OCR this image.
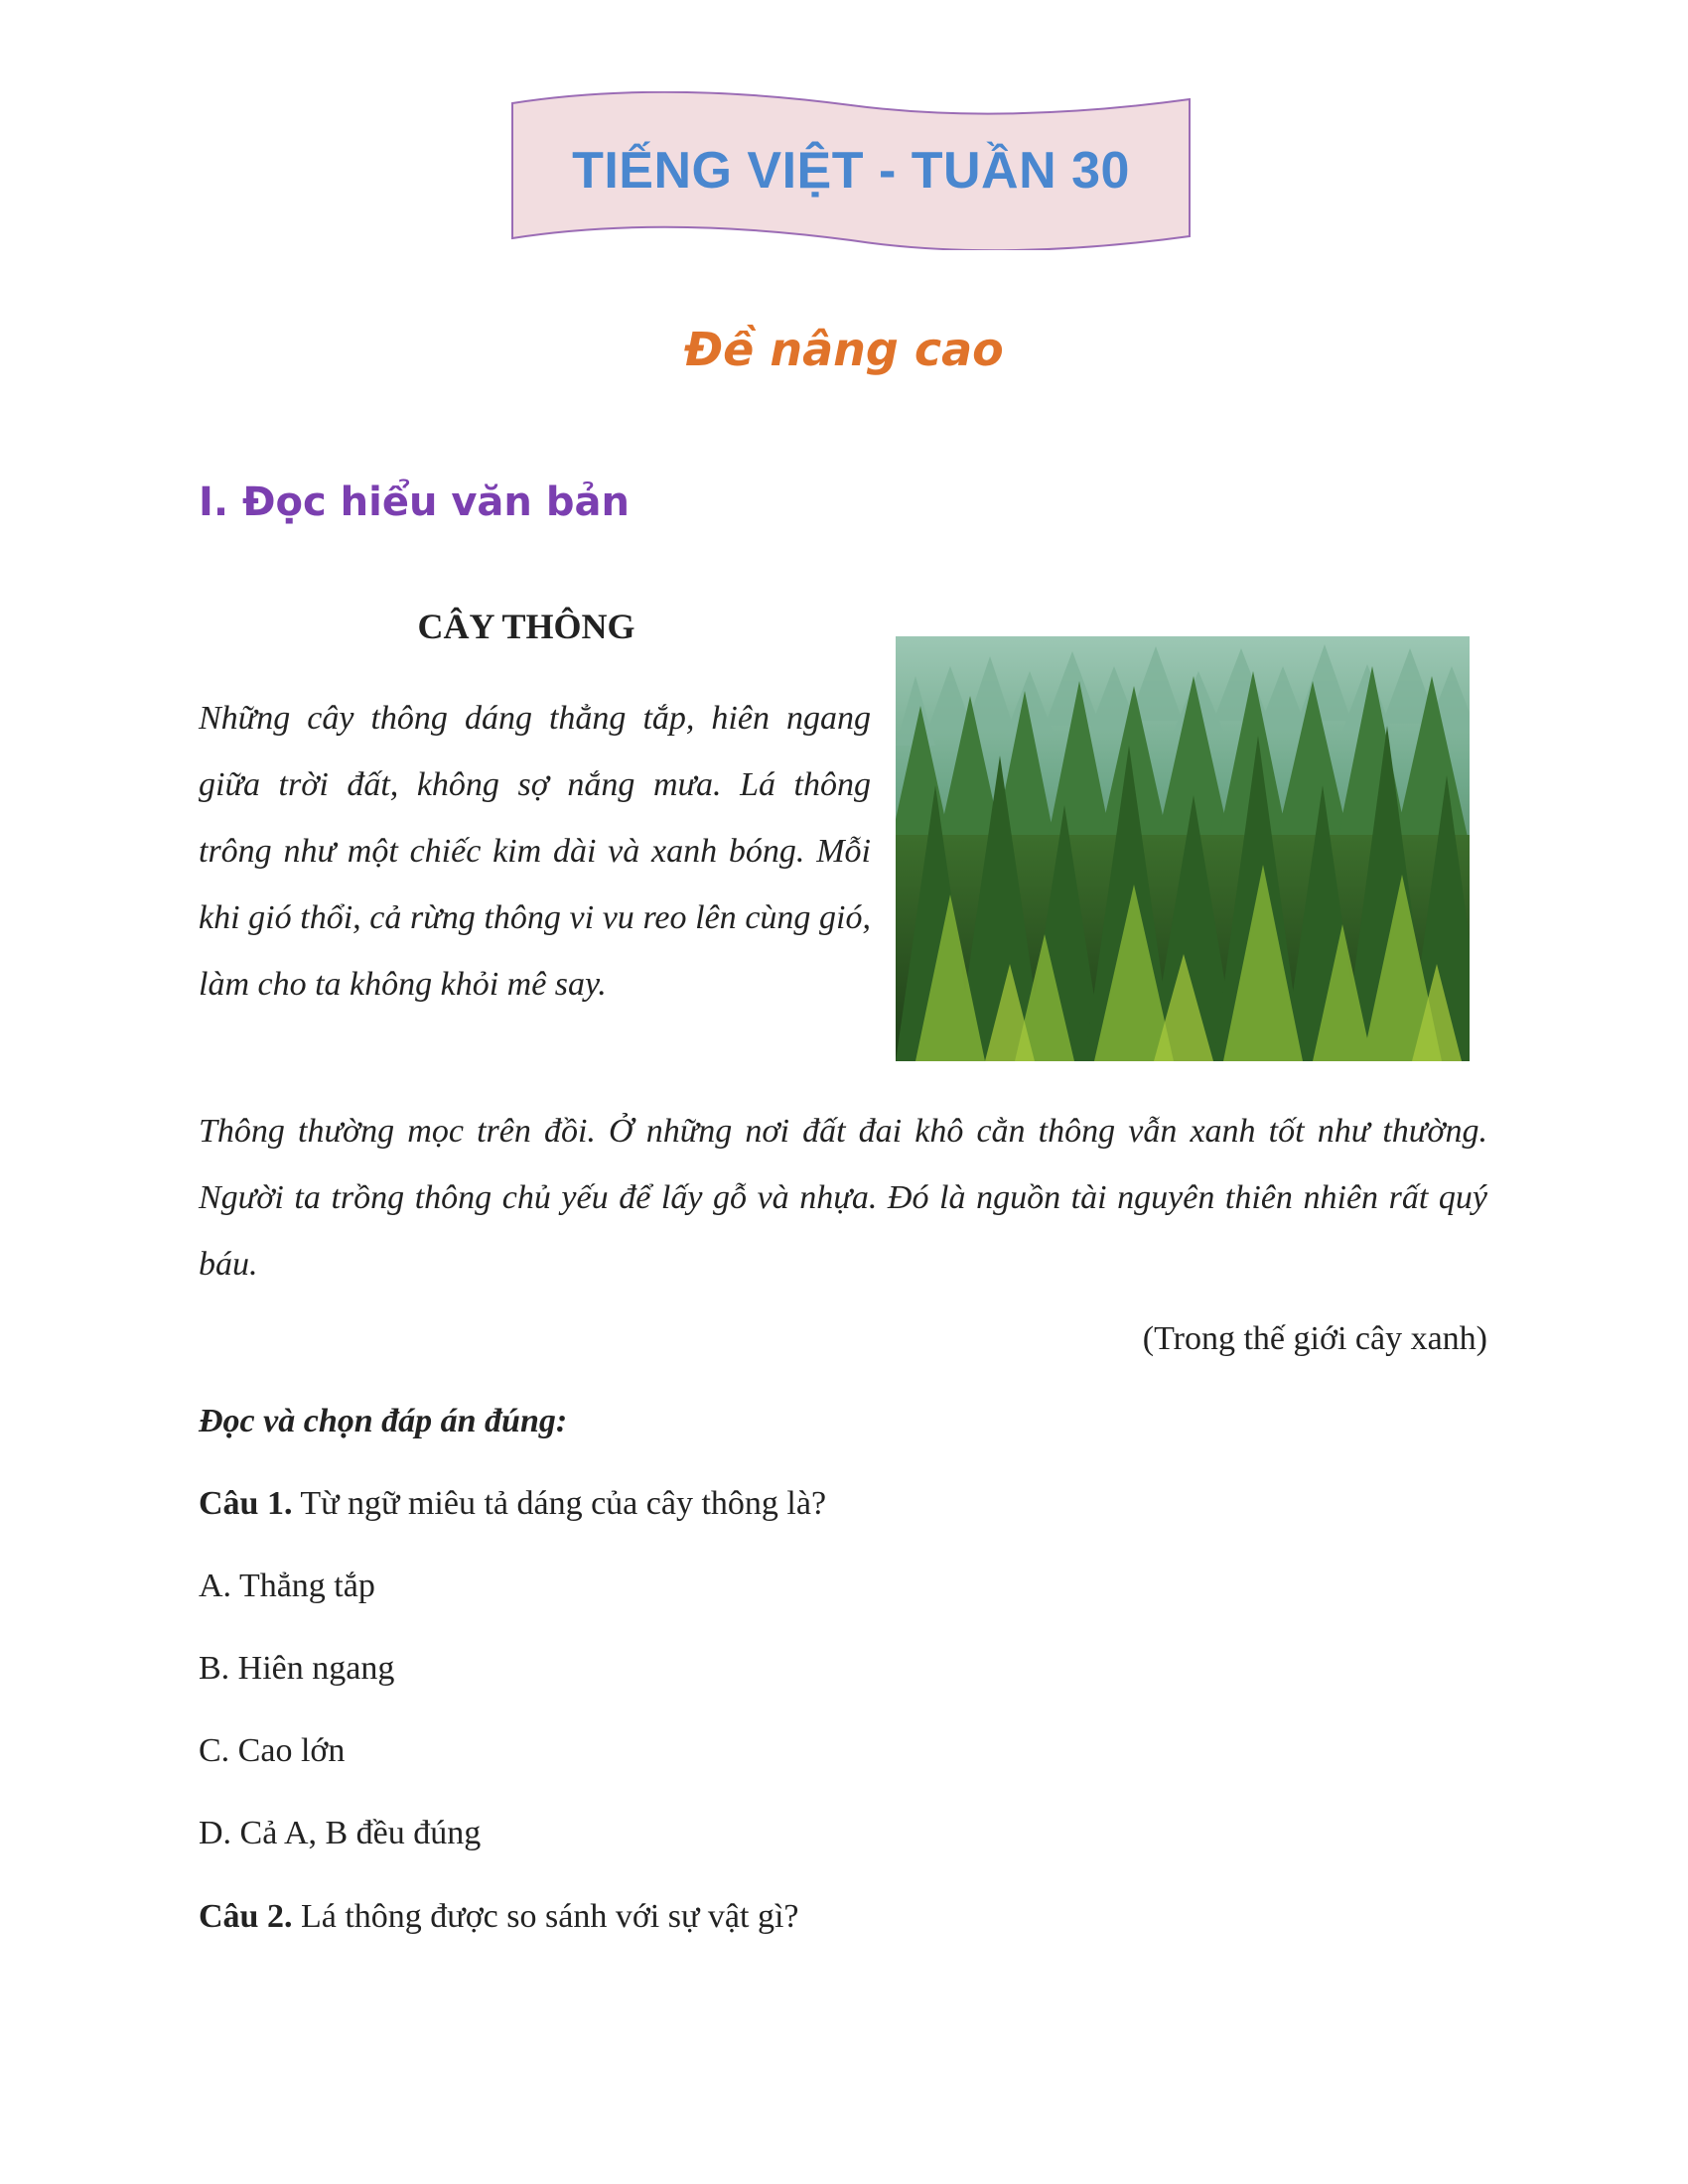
TIẾNG VIỆT - TUẦN 30
Đề nâng cao
I. Đọc hiểu văn bản
CÂY THÔNG
Những cây thông dáng thẳng tắp, hiên ngang giữa trời đất, không sợ nắng mưa. Lá thông trông như một chiếc kim dài và xanh bóng. Mỗi khi gió thổi, cả rừng thông vi vu reo lên cùng gió, làm cho ta không khỏi mê say.
Thông thường mọc trên đồi. Ở những nơi đất đai khô cằn thông vẫn xanh tốt như thường. Người ta trồng thông chủ yếu để lấy gỗ và nhựa. Đó là nguồn tài nguyên thiên nhiên rất quý báu.
(Trong thế giới cây xanh)
Đọc và chọn đáp án đúng:
Câu 1. Từ ngữ miêu tả dáng của cây thông là?
A. Thẳng tắp
B. Hiên ngang
C. Cao lớn
D. Cả A, B đều đúng
Câu 2. Lá thông được so sánh với sự vật gì?
